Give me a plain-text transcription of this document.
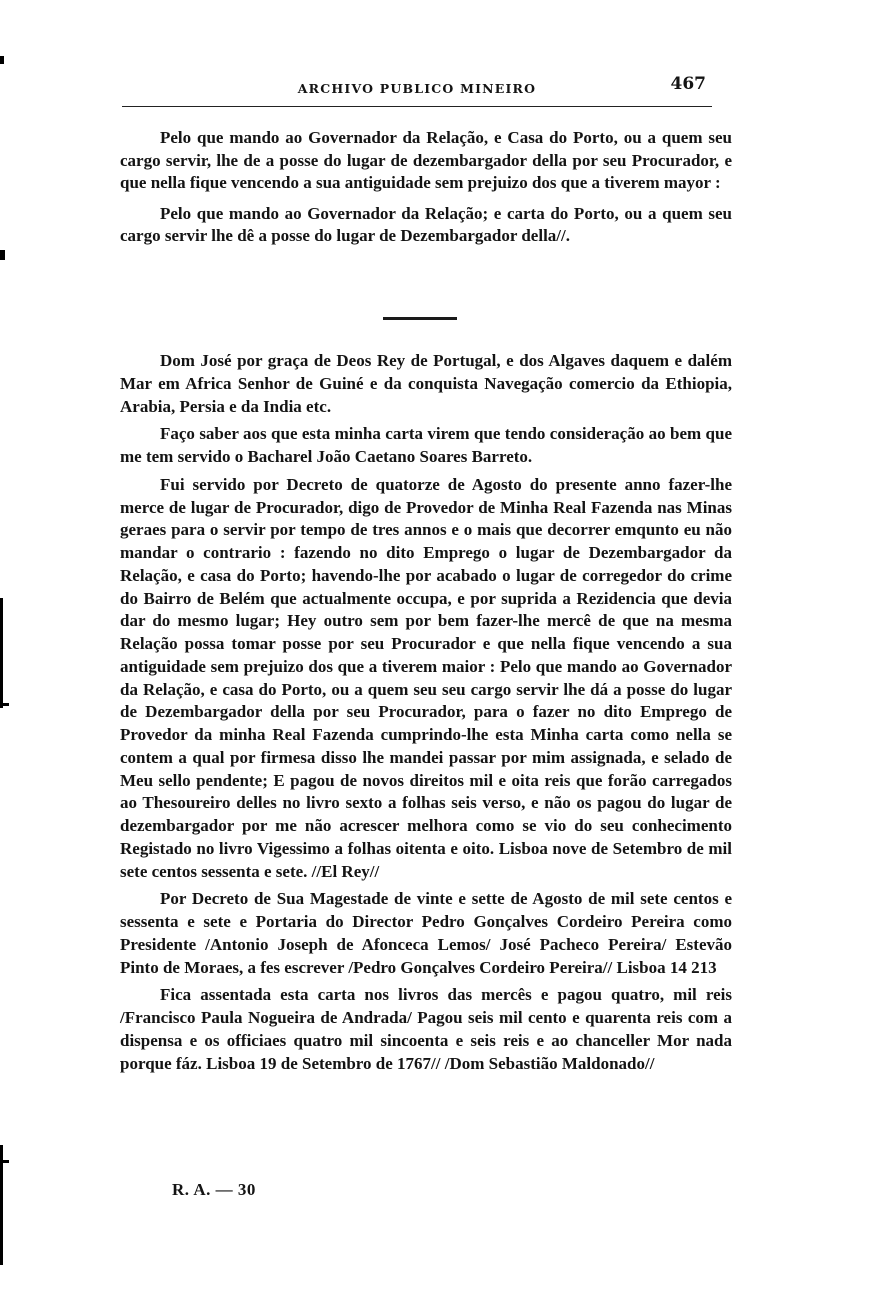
ARCHIVO PUBLICO MINEIRO	467

Pelo que mando ao Governador da Relação, e Casa do Porto, ou a quem seu cargo servir, lhe de a posse do lugar de dezembargador della por seu Procurador, e que nella fique vencendo a sua antiguidade sem prejuizo dos que a tiverem mayor :

Pelo que mando ao Governador da Relação; e carta do Porto, ou a quem seu cargo servir lhe dê a posse do lugar de Dezembargador della//.

Dom José por graça de Deos Rey de Portugal, e dos Algaves daquem e dalém Mar em Africa Senhor de Guiné e da conquista Navegação comercio da Ethiopia, Arabia, Persia e da India etc.

Faço saber aos que esta minha carta virem que tendo consideração ao bem que me tem servido o Bacharel João Caetano Soares Barreto.

Fui servido por Decreto de quatorze de Agosto do presente anno fazer-lhe merce de lugar de Procurador, digo de Provedor de Minha Real Fazenda nas Minas geraes para o servir por tempo de tres annos e o mais que decorrer emqunto eu não mandar o contrario : fazendo no dito Emprego o lugar de Dezembargador da Relação, e casa do Porto; havendo-lhe por acabado o lugar de corregedor do crime do Bairro de Belém que actualmente occupa, e por suprida a Rezidencia que devia dar do mesmo lugar; Hey outro sem por bem fazer-lhe mercê de que na mesma Relação possa tomar posse por seu Procurador e que nella fique vencendo a sua antiguidade sem prejuizo dos que a tiverem maior : Pelo que mando ao Governador da Relação, e casa do Porto, ou a quem seu seu cargo servir lhe dá a posse do lugar de Dezembargador della por seu Procurador, para o fazer no dito Emprego de Provedor da minha Real Fazenda cumprindo-lhe esta Minha carta como nella se contem a qual por firmesa disso lhe mandei passar por mim assignada, e selado de Meu sello pendente; E pagou de novos direitos mil e oita reis que forão carregados ao Thesoureiro delles no livro sexto a folhas seis verso, e não os pagou do lugar de dezembargador por me não acrescer melhora como se vio do seu conhecimento Registado no livro Vigessimo a folhas oitenta e oito. Lisboa nove de Setembro de mil sete centos sessenta e sete. //El Rey//

Por Decreto de Sua Magestade de vinte e sette de Agosto de mil sete centos e sessenta e sete e Portaria do Director Pedro Gonçalves Cordeiro Pereira como Presidente /Antonio Joseph de Afonceca Lemos/ José Pacheco Pereira/ Estevão Pinto de Moraes, a fes escrever /Pedro Gonçalves Cordeiro Pereira// Lisboa 14 213

Fica assentada esta carta nos livros das mercês e pagou quatro, mil reis /Francisco Paula Nogueira de Andrada/ Pagou seis mil cento e quarenta reis com a dispensa e os officiaes quatro mil sincoenta e seis reis e ao chanceller Mor nada porque fáz. Lisboa 19 de Setembro de 1767// /Dom Sebastião Maldonado//

R. A. — 30
